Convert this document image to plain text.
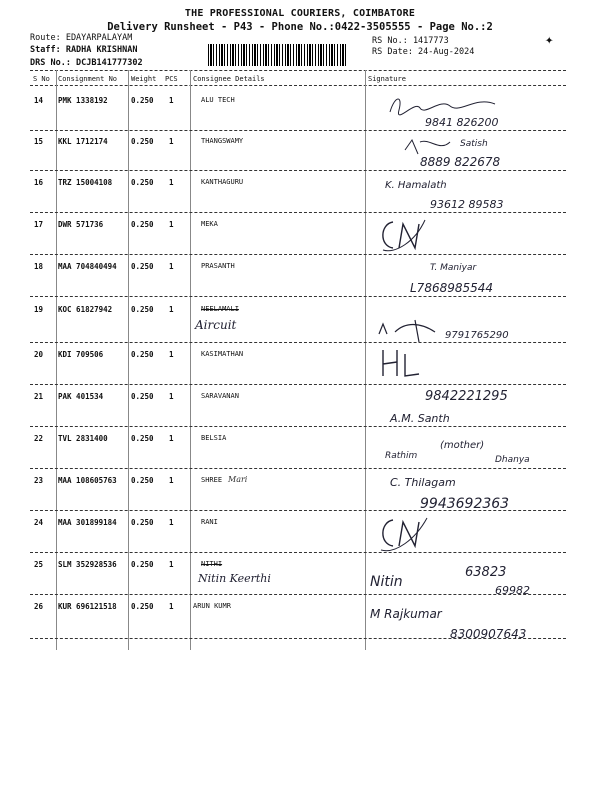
THE PROFESSIONAL COURIERS, COIMBATORE
Delivery Runsheet - P43 - Phone No.:0422-3505555 - Page No.:2
Route: EDAYARPALAYAM
Staff: RADHA KRISHNAN
DRS No.: DCJB141777302
RS No.: 1417773
RS Date: 24-Aug-2024
✦
S No Consignment No Weight PCS Consignee Details	Signature
14 PMK 1338192	0.250 1	ALU TECH
9841 826200
15 KKL 1712174	0.250 1	THANGSWAMY	Satish
8889 822678
16 TRZ 15004108	0.250 1	KANTHAGURU	K. Hamalath
93612 89583
17 DWR 571736	0.250 1	MEKA
18 MAA 704840494 0.250 1	PRASANTH	T. Maniyar
L7868985544
19 KOC 61827942	0.250 1	NEELAMALI
Aircuit
9791765290
20 KDI 709506	0.250 1	KASIMATHAN
21 PAK 401534	0.250 1	SARAVANAN	9842221295
A.M. Santh
22 TVL 2831400	0.250 1	BELSIA
Rathim
(mother)
Dhanya
23 MAA 108605763 0.250 1	SHREE Mari	C. Thilagam
9943692363
24 MAA 301899184 0.250 1	RANI
25 SLM 352928536 0.250 1	NITHI
Nitin Keerthi	Nitin
63823
69982
26 KUR 696121518 0.250 1	ARUN KUMR
M Rajkumar
8300907643
